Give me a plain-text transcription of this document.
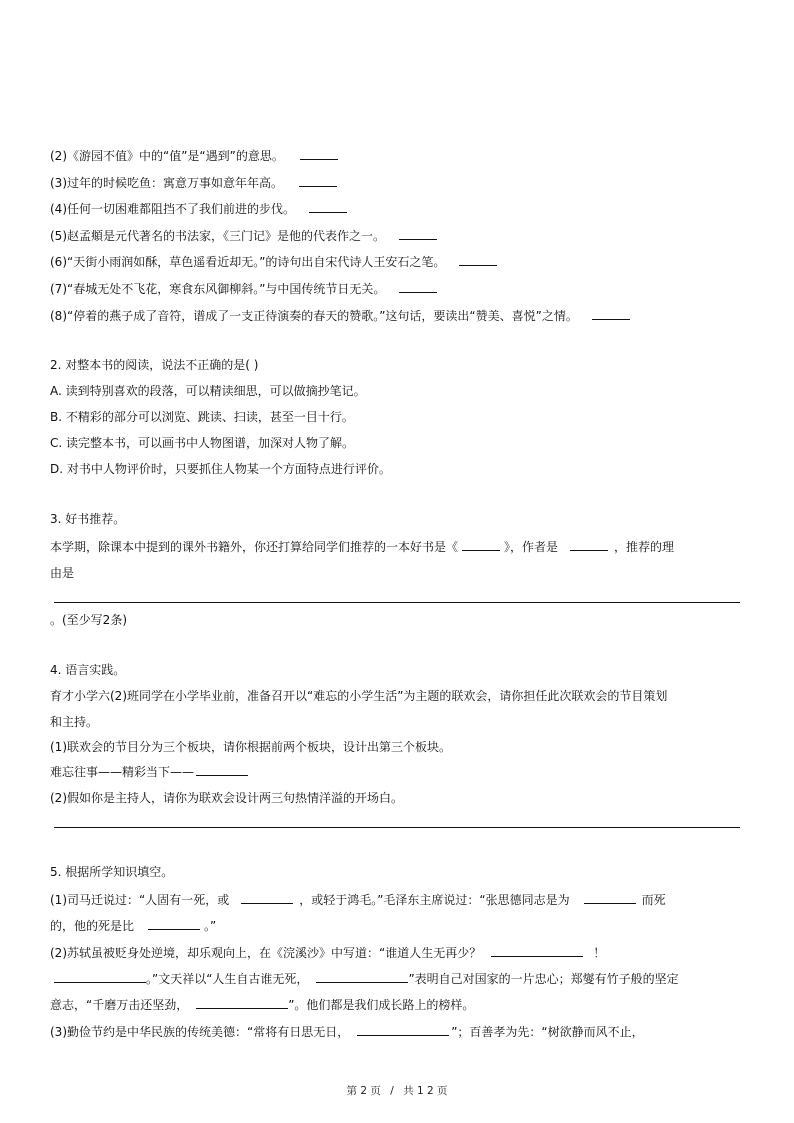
(2)《游园不值》中的“值”是“遇到”的意思。
(3)过年的时候吃鱼：寓意万事如意年年高。
(4)任何一切困难都阻挡不了我们前进的步伐。
(5)赵孟頫是元代著名的书法家，《三门记》是他的代表作之一。
(6)“天街小雨润如酥，草色遥看近却无。”的诗句出自宋代诗人王安石之笔。
(7)“春城无处不飞花，寒食东风御柳斜。”与中国传统节日无关。
(8)“停着的燕子成了音符，谱成了一支正待演奏的春天的赞歌。”这句话，要读出“赞美、喜悦”之情。
2. 对整本书的阅读，说法不正确的是( )
A. 读到特别喜欢的段落，可以精读细思，可以做摘抄笔记。
B. 不精彩的部分可以浏览、跳读、扫读，甚至一目十行。
C. 读完整本书，可以画书中人物图谱，加深对人物了解。
D. 对书中人物评价时，只要抓住人物某一个方面特点进行评价。
3. 好书推荐。
本学期，除课本中提到的课外书籍外，你还打算给同学们推荐的一本好书是《	》，作者是	，推荐的理
由是
。(至少写2条)
4. 语言实践。
育才小学六(2)班同学在小学毕业前，准备召开以“难忘的小学生活”为主题的联欢会，请你担任此次联欢会的节目策划
和主持。
(1)联欢会的节目分为三个板块，请你根据前两个板块，设计出第三个板块。
难忘往事——精彩当下——
(2)假如你是主持人，请你为联欢会设计两三句热情洋溢的开场白。
5. 根据所学知识填空。
(1)司马迁说过：“人固有一死，或	，或轻于鸿毛。”毛泽东主席说过：“张思德同志是为	而死
的，他的死是比	。”
(2)苏轼虽被贬身处逆境，却乐观向上，在《浣溪沙》中写道：“谁道人生无再少？	！
。”文天祥以“人生自古谁无死，	”表明自己对国家的一片忠心；郑燮有竹子般的坚定
意志，“千磨万击还坚劲，	”。他们都是我们成长路上的榜样。
(3)勤俭节约是中华民族的传统美德：“常将有日思无日，	”；百善孝为先：“树欲静而风不止，
第 2 页 / 共 1 2 页
